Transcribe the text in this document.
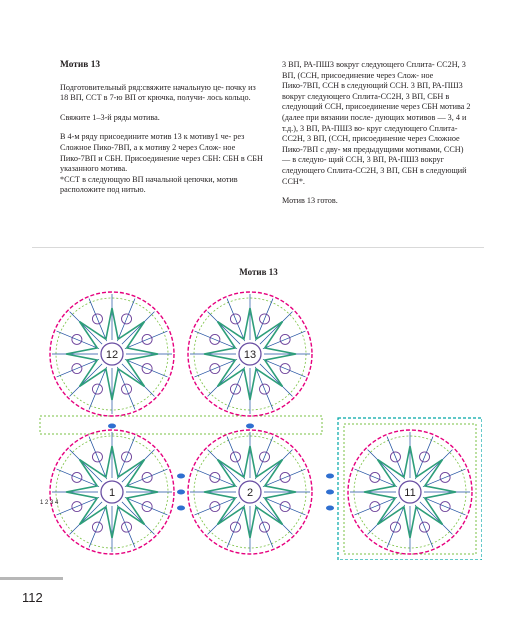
Мотив 13

Подготовительный ряд:свяжите начальную це- почку из 18 ВП, ССТ в 7-ю ВП от крючка, получи- лось кольцо.

Свяжите 1–3-й ряды мотива.

В 4-м ряду присоедините мотив 13 к мотиву1 че- рез Сложное Пико-7ВП, а к мотиву 2 через Слож- ное Пико-7ВП и СБН. Присоединение через СБН: СБН в СБН указанного мотива.

*ССТ в следующую ВП начальной цепочки, мотив расположите под нитью.

3 ВП, РА-ПШ3 вокруг следующего Сплита- СС2Н, 3 ВП, (ССН, присоединение через Слож- ное Пико-7ВП, ССН в следующий ССН. 3 ВП, РА-ПШ3 вокруг следующего Сплита-СС2Н, 3 ВП, СБН в следующий ССН, присоединение через СБН мотива 2 (далее при вязании после- дующих мотивов — 3, 4 и т.д.), 3 ВП, РА-ПШ3 во- круг следующего Сплита-СС2Н, 3 ВП, (ССН, присоединение через Сложное Пико-7ВП с дву- мя предыдущими мотивами, ССН) — в следую- щий ССН, 3 ВП, РА-ПШ3 вокруг следующего Сплита-СС2Н, 3 ВП, СБН в следующий ССН*.

Мотив 13 готов.

Мотив 13
12	13
1	2	11
1 2 3 4
112
